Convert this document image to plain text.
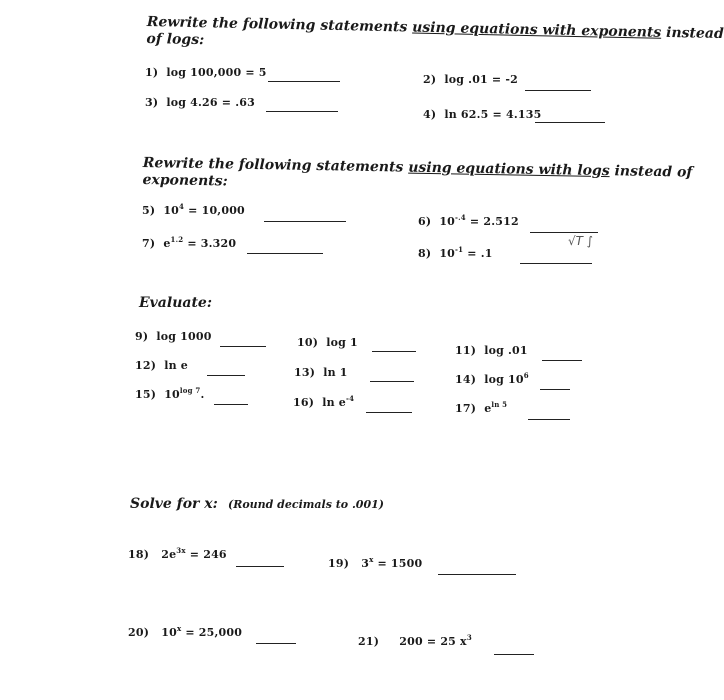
Rewrite the following statements using equations with exponents instead
of logs:
1) log 100,000 = 5
2) log .01 = -2
3) log 4.26 = .63
4) ln 62.5 = 4.135
Rewrite the following statements using equations with logs instead of
exponents:
5) $10^4 = 10,000$
6) $10^{-.4} = 2.512$
7) $e^{1.2} = 3.320$
8) $10^{-1} = .1$
√T ∫
Evaluate:
9) log 1000	10) log 1
11) log .01
12) ln e
13) ln 1
14) $\log 10^6$
15) $10^{log 7}$.
16) $\ln e^{-4}$
17) $e^{ln 5}$
Solve for x: (Round decimals to .001)
18) $2e^{3x} = 246$
19) $3^x = 1500$
20) $10^x = 25,000$
21) 200 = 25 $x^3$
